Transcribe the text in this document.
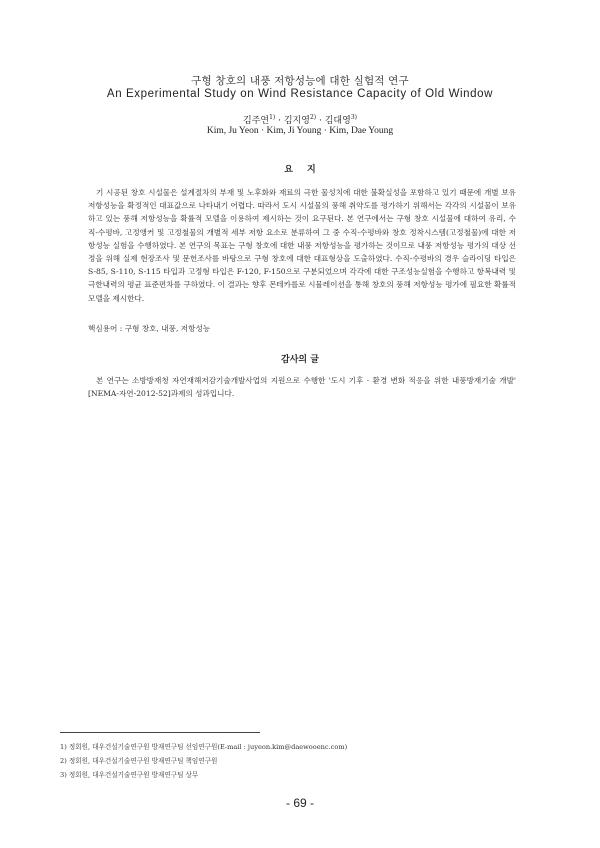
구형 창호의 내풍 저항성능에 대한 실험적 연구
An Experimental Study on Wind Resistance Capacity of Old Window
김주연$^{1)}$ · 김지영$^{2)}$ · 김대영$^{3)}$
Kim, Ju Yeon · Kim, Ji Young · Kim, Dae Young
요지

기 시공된 창호 시설물은 설계절차의 부재 및 노후화와 재료의 극한 물성치에 대한 불확실성을 포함하고 있기 때문에 개별 보유저항성능을 확정적인 대표값으로 나타내기 어렵다. 따라서 도시 시설물의 풍해 취약도를 평가하기 위해서는 각각의 시설물이 보유하고 있는 풍해 저항성능을 확률적 모델을 이용하여 제시하는 것이 요구된다. 본 연구에서는 구형 창호 시설물에 대하여 유리, 수직-수평바, 고정앵커 및 고정철물의 개별적 세부 저항 요소로 분류하여 그 중 수직-수평바와 창호 정착시스템(고정철물)에 대한 저항성능 실험을 수행하였다. 본 연구의 목표는 구형 창호에 대한 내풍 저항성능을 평가하는 것이므로 내풍 저항성능 평가의 대상 선정을 위해 실제 현장조사 및 문헌조사를 바탕으로 구형 창호에 대한 대표형상을 도출하였다. 수직-수평바의 경우 슬라이딩 타입은 S-85, S-110, S-115 타입과 고정형 타입은 F-120, F-150으로 구분되었으며 각각에 대한 구조성능실험을 수행하고 항복내력 및 극한내력의 평균 표준편차를 구하였다. 이 결과는 향후 몬테카를로 시뮬레이션을 통해 창호의 풍해 저항성능 평가에 필요한 확률적 모델을 제시한다.

핵심용어 : 구형 창호, 내풍, 저항성능
감사의 글

본 연구는 소방방재청 자연재해저감기술개발사업의 지원으로 수행한 '도시 기후 · 환경 변화 적응을 위한 내풍방재기술 개발' [NEMA-자연-2012-52]과제의 성과입니다.

1) 정회원, 대우건설기술연구원 방재연구팀 선임연구원(E-mail : juyeon.kim@daewooenc.com)
2) 정회원, 대우건설기술연구원 방재연구팀 책임연구원
3) 정회원, 대우건설기술연구원 방재연구팀 상무
- 69 -
